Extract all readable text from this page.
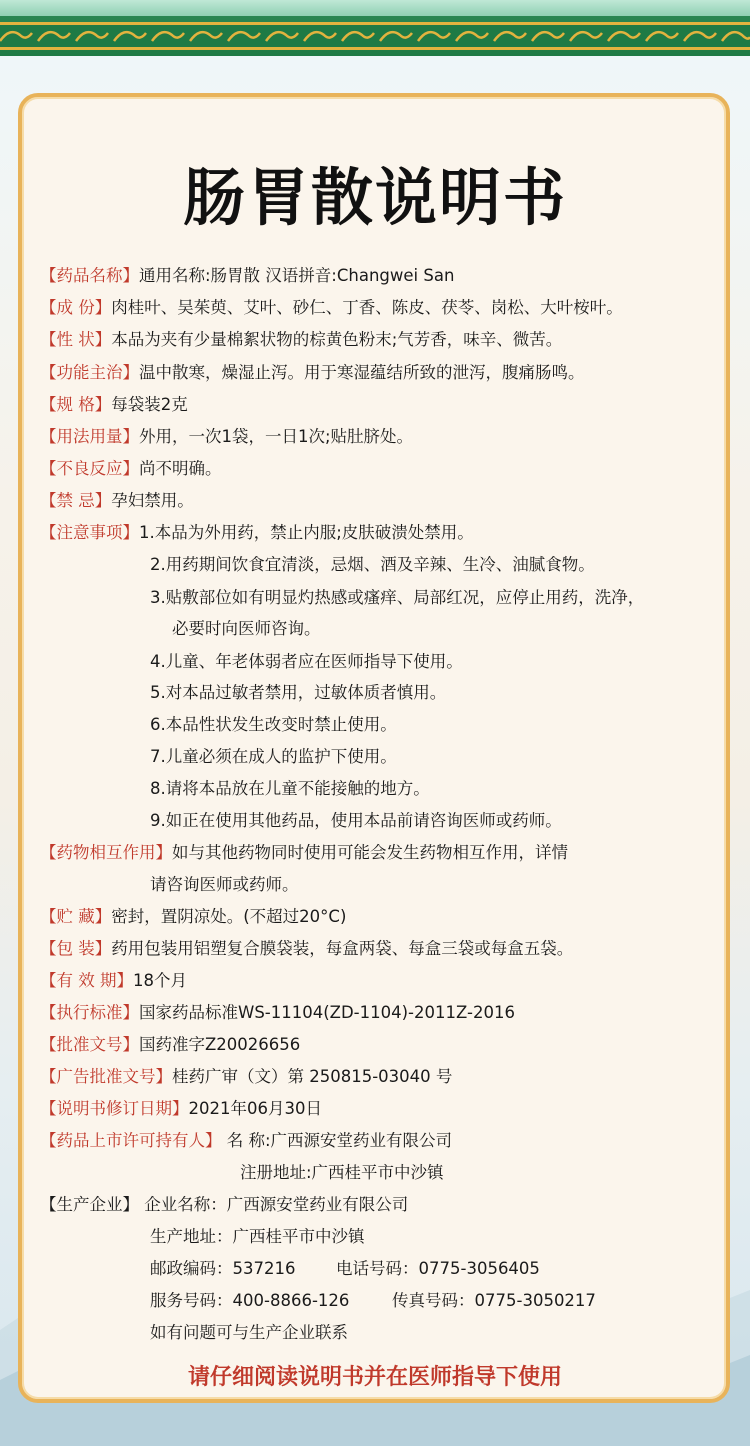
肠胃散说明书
【药品名称】通用名称:肠胃散 汉语拼音:Changwei San
【成 份】肉桂叶、吴茱萸、艾叶、砂仁、丁香、陈皮、茯苓、岗松、大叶桉叶。
【性 状】本品为夹有少量棉絮状物的棕黄色粉末;气芳香，味辛、微苦。
【功能主治】温中散寒，燥湿止泻。用于寒湿蕴结所致的泄泻，腹痛肠鸣。
【规 格】每袋装2克
【用法用量】外用，一次1袋，一日1次;贴肚脐处。
【不良反应】尚不明确。
【禁 忌】孕妇禁用。
【注意事项】1.本品为外用药，禁止内服;皮肤破溃处禁用。
2.用药期间饮食宜清淡，忌烟、酒及辛辣、生冷、油腻食物。
3.贴敷部位如有明显灼热感或瘙痒、局部红况，应停止用药，洗净，
必要时向医师咨询。
4.儿童、年老体弱者应在医师指导下使用。
5.对本品过敏者禁用，过敏体质者慎用。
6.本品性状发生改变时禁止使用。
7.儿童必须在成人的监护下使用。
8.请将本品放在儿童不能接触的地方。
9.如正在使用其他药品，使用本品前请咨询医师或药师。
【药物相互作用】如与其他药物同时使用可能会发生药物相互作用，详情
请咨询医师或药师。
【贮 藏】密封，置阴凉处。(不超过20°C)
【包 装】药用包装用铝塑复合膜袋装，每盒两袋、每盒三袋或每盒五袋。
【有 效 期】18个月
【执行标准】国家药品标准WS-11104(ZD-1104)-2011Z-2016
【批准文号】国药准字Z20026656
【广告批准文号】桂药广审（文）第 250815-03040 号
【说明书修订日期】2021年06月30日
【药品上市许可持有人】 名 称:广西源安堂药业有限公司
注册地址:广西桂平市中沙镇
【生产企业】 企业名称：广西源安堂药业有限公司
生产地址：广西桂平市中沙镇
邮政编码：537216 电话号码：0775-3056405
服务号码：400-8866-126	传真号码：0775-3050217
如有问题可与生产企业联系
请仔细阅读说明书并在医师指导下使用
